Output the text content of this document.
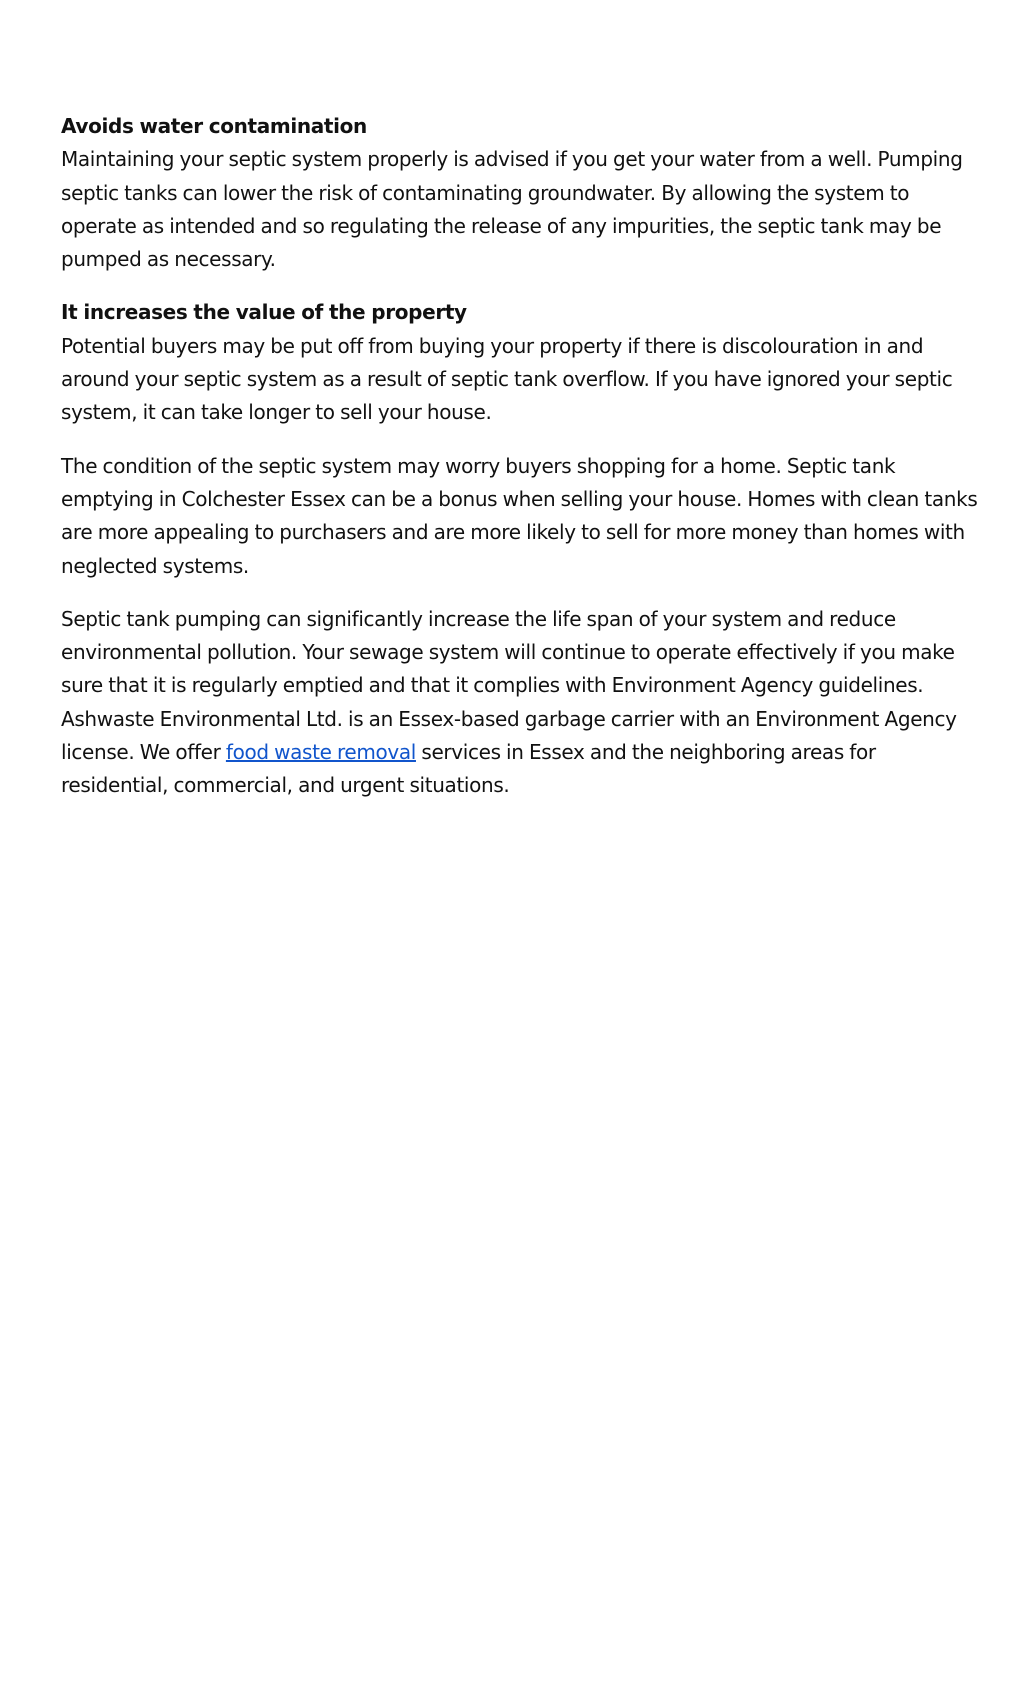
Avoids water contamination

Maintaining your septic system properly is advised if you get your water from a well. Pumping septic tanks can lower the risk of contaminating groundwater. By allowing the system to operate as intended and so regulating the release of any impurities, the septic tank may be pumped as necessary.

It increases the value of the property

Potential buyers may be put off from buying your property if there is discolouration in and around your septic system as a result of septic tank overflow. If you have ignored your septic system, it can take longer to sell your house.

The condition of the septic system may worry buyers shopping for a home. Septic tank emptying in Colchester Essex can be a bonus when selling your house. Homes with clean tanks are more appealing to purchasers and are more likely to sell for more money than homes with neglected systems.

Septic tank pumping can significantly increase the life span of your system and reduce environmental pollution. Your sewage system will continue to operate effectively if you make sure that it is regularly emptied and that it complies with Environment Agency guidelines. Ashwaste Environmental Ltd. is an Essex-based garbage carrier with an Environment Agency license. We offer food waste removal services in Essex and the neighboring areas for residential, commercial, and urgent situations.
